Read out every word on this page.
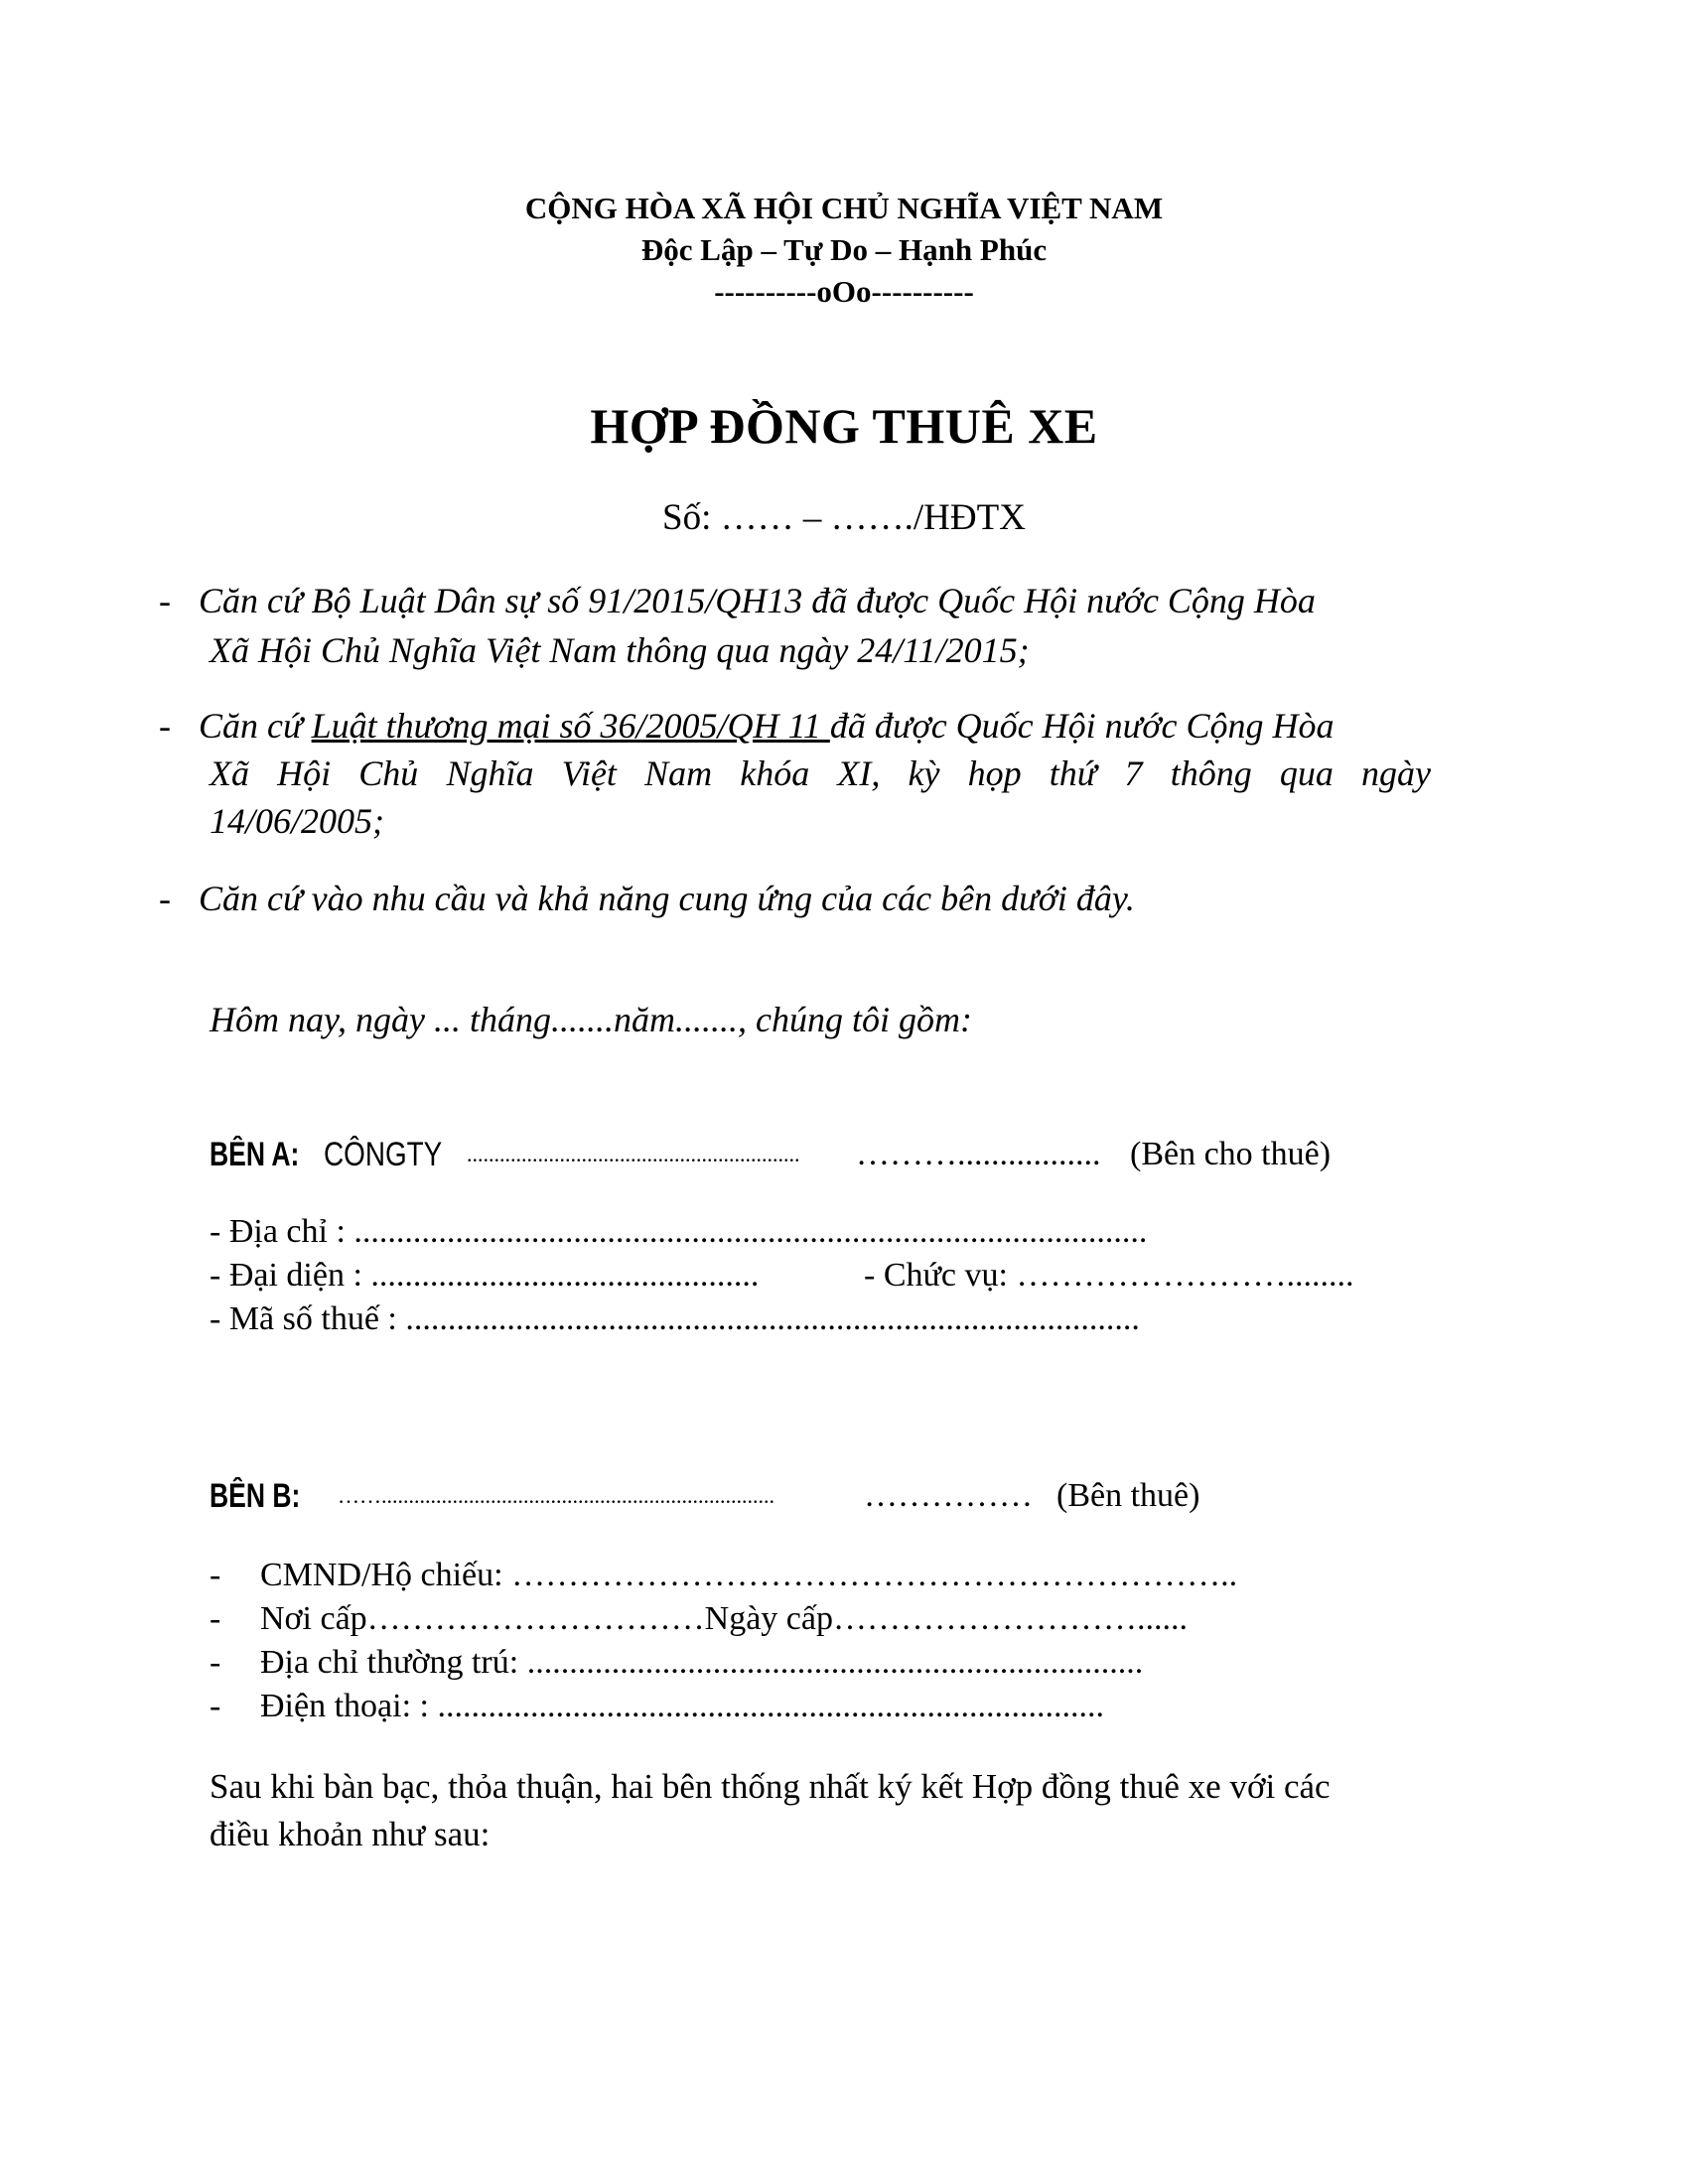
CỘNG HÒA XÃ HỘI CHỦ NGHĨA VIỆT NAM
Độc Lập – Tự Do – Hạnh Phúc
----------oOo----------
HỢP ĐỒNG THUÊ XE
Số: …… – ……./HĐTX
- Căn cứ Bộ Luật Dân sự số 91/2015/QH13 đã được Quốc Hội nước Cộng Hòa
Xã Hội Chủ Nghĩa Việt Nam thông qua ngày 24/11/2015;
- Căn cứ Luật thương mại số 36/2005/QH 11 đã được Quốc Hội nước Cộng Hòa
Xã Hội Chủ Nghĩa Việt Nam khóa XI, kỳ họp thứ 7 thông qua ngày
14/06/2005;
- Căn cứ vào nhu cầu và khả năng cung ứng của các bên dưới đây.
Hôm nay, ngày ... tháng.......năm......., chúng tôi gồm:
BÊN A: CÔNGTY ............................................................. ………................. (Bên cho thuê)
- Địa chỉ : ..............................................................................................
- Đại diện : ..............................................	- Chức vụ: ……………………........
- Mã số thuế : .......................................................................................
BÊN B: ……........................................................................	…………… (Bên thuê)
- CMND/Hộ chiếu: ………………………………………………………..
- Nơi cấp…………………………Ngày cấp………………………......
- Địa chỉ thường trú: .........................................................................
- Điện thoại: : ...............................................................................
Sau khi bàn bạc, thỏa thuận, hai bên thống nhất ký kết Hợp đồng thuê xe với các
điều khoản như sau:
